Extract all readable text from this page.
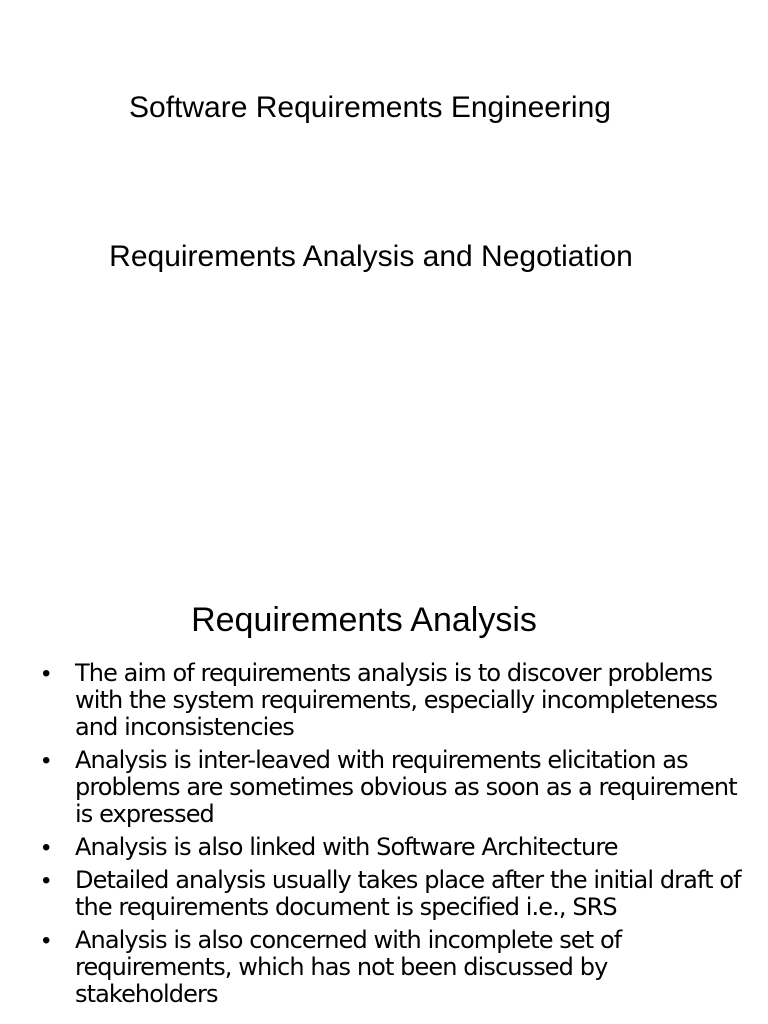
Software Requirements Engineering
Requirements Analysis and Negotiation
Requirements Analysis
• The aim of requirements analysis is to discover problems with the system requirements, especially incompleteness and inconsistencies
• Analysis is inter-leaved with requirements elicitation as problems are sometimes obvious as soon as a requirement is expressed
• Analysis is also linked with Software Architecture
• Detailed analysis usually takes place after the initial draft of the requirements document is specified i.e., SRS
• Analysis is also concerned with incomplete set of requirements, which has not been discussed by stakeholders
